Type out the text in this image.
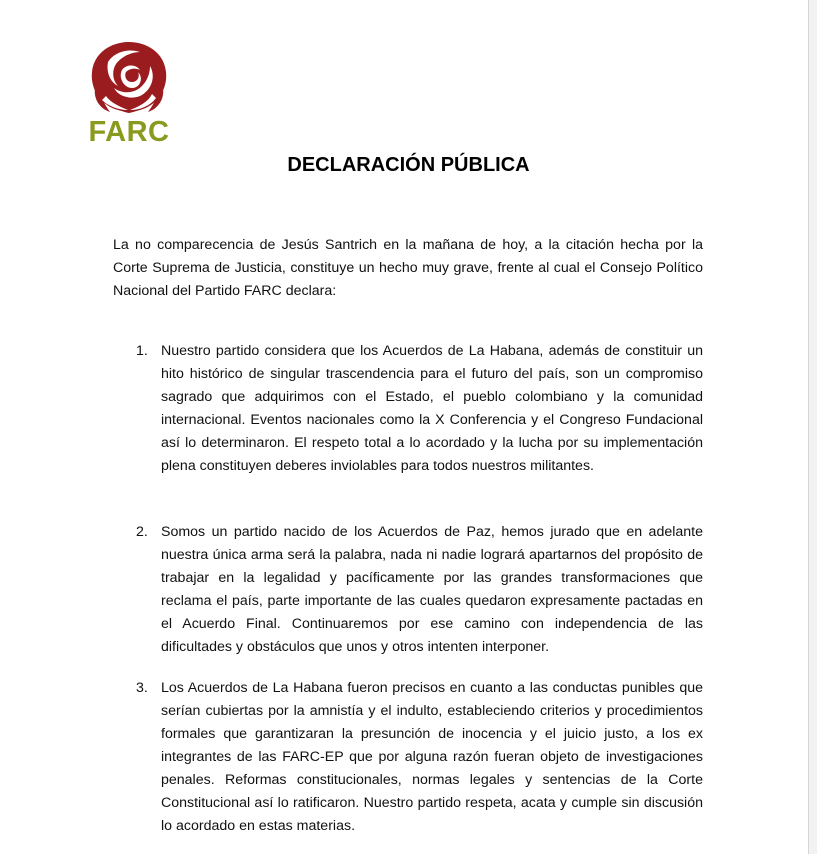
FARC
DECLARACIÓN PÚBLICA
La no comparecencia de Jesús Santrich en la mañana de hoy, a la citación hecha por la Corte Suprema de Justicia, constituye un hecho muy grave, frente al cual el Consejo Político Nacional del Partido FARC declara:
1. Nuestro partido considera que los Acuerdos de La Habana, además de constituir un hito histórico de singular trascendencia para el futuro del país, son un compromiso sagrado que adquirimos con el Estado, el pueblo colombiano y la comunidad internacional. Eventos nacionales como la X Conferencia y el Congreso Fundacional así lo determinaron. El respeto total a lo acordado y la lucha por su implementación plena constituyen deberes inviolables para todos nuestros militantes.
2. Somos un partido nacido de los Acuerdos de Paz, hemos jurado que en adelante nuestra única arma será la palabra, nada ni nadie logrará apartarnos del propósito de trabajar en la legalidad y pacíficamente por las grandes transformaciones que reclama el país, parte importante de las cuales quedaron expresamente pactadas en el Acuerdo Final. Continuaremos por ese camino con independencia de las dificultades y obstáculos que unos y otros intenten interponer.
3. Los Acuerdos de La Habana fueron precisos en cuanto a las conductas punibles que serían cubiertas por la amnistía y el indulto, estableciendo criterios y procedimientos formales que garantizaran la presunción de inocencia y el juicio justo, a los ex integrantes de las FARC-EP que por alguna razón fueran objeto de investigaciones penales. Reformas constitucionales, normas legales y sentencias de la Corte Constitucional así lo ratificaron. Nuestro partido respeta, acata y cumple sin discusión lo acordado en estas materias.
